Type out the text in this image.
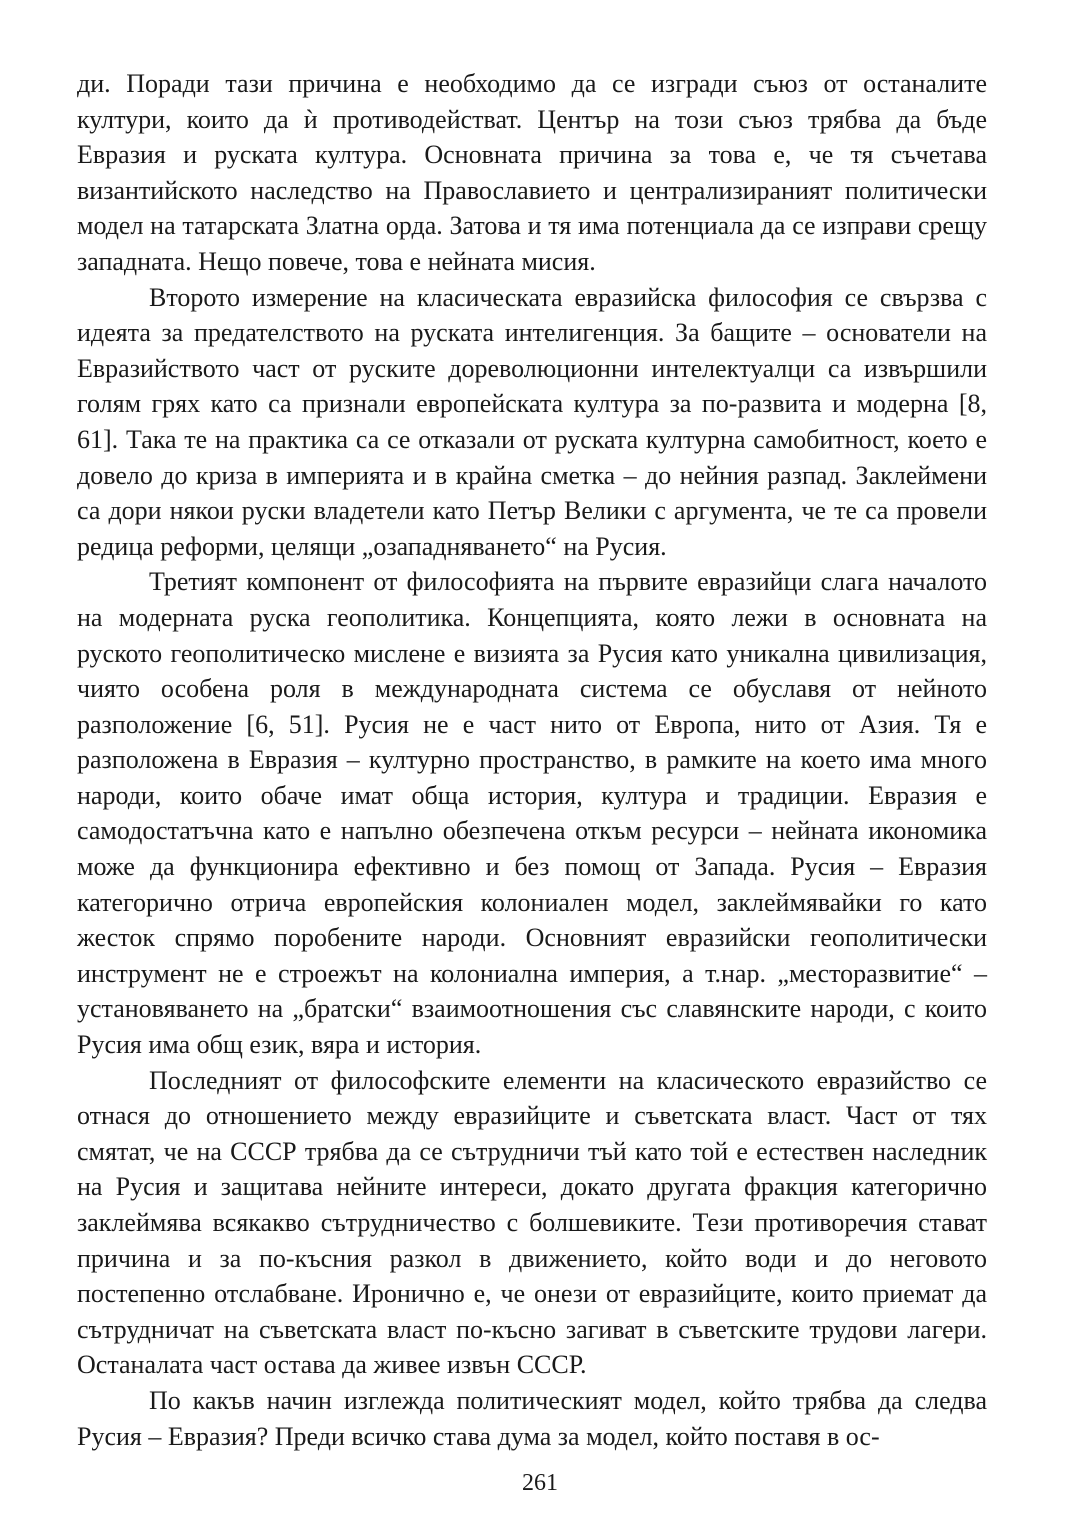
ди. Поради тази причина е необходимо да се изгради съюз от останалите култури, които да ѝ противодействат. Център на този съюз трябва да бъде Евразия и руската култура. Основната причина за това е, че тя съчетава византийското наследство на Православието и централизираният политически модел на татарската Златна орда. Затова и тя има потенциала да се изправи срещу западната. Нещо повече, това е нейната мисия.

Второто измерение на класическата евразийска философия се свързва с идеята за предателството на руската интелигенция. За бащите – основатели на Евразийството част от руските дореволюционни интелектуалци са извършили голям грях като са признали европейската култура за по-развита и модерна [8, 61]. Така те на практика са се отказали от руската културна самобитност, което е довело до криза в империята и в крайна сметка – до нейния разпад. Заклеймени са дори някои руски владетели като Петър Велики с аргумента, че те са провели редица реформи, целящи „озападняването“ на Русия.

Третият компонент от философията на първите евразийци слага началото на модерната руска геополитика. Концепцията, която лежи в основната на руското геополитическо мислене е визията за Русия като уникална цивилизация, чиято особена роля в международната система се обуславя от нейното разположение [6, 51]. Русия не е част нито от Европа, нито от Азия. Тя е разположена в Евразия – културно пространство, в рамките на което има много народи, които обаче имат обща история, култура и традиции. Евразия е самодостатъчна като е напълно обезпечена откъм ресурси – нейната икономика може да функционира ефективно и без помощ от Запада. Русия – Евразия категорично отрича европейския колониален модел, заклеймявайки го като жесток спрямо поробените народи. Основният евразийски геополитически инструмент не е строежът на колониална империя, а т.нар. „месторaзвитие“ – установяването на „братски“ взаимоотношения със славянските народи, с които Русия има общ език, вяра и история.

Последният от философските елементи на класическото евразийство се отнася до отношението между евразийците и съветската власт. Част от тях смятат, че на СССР трябва да се сътрудничи тъй като той е естествен наследник на Русия и защитава нейните интереси, докато другата фракция категорично заклеймява всякакво сътрудничество с болшевиките. Тези противоречия стават причина и за по-късния разкол в движението, който води и до неговото постепенно отслабване. Иронично е, че онези от евразийците, които приемат да сътрудничат на съветската власт по-късно загиват в съветските трудови лагери. Останалата част остава да живее извън СССР.

По какъв начин изглежда политическият модел, който трябва да следва Русия – Евразия? Преди всичко става дума за модел, който поставя в ос-

261
